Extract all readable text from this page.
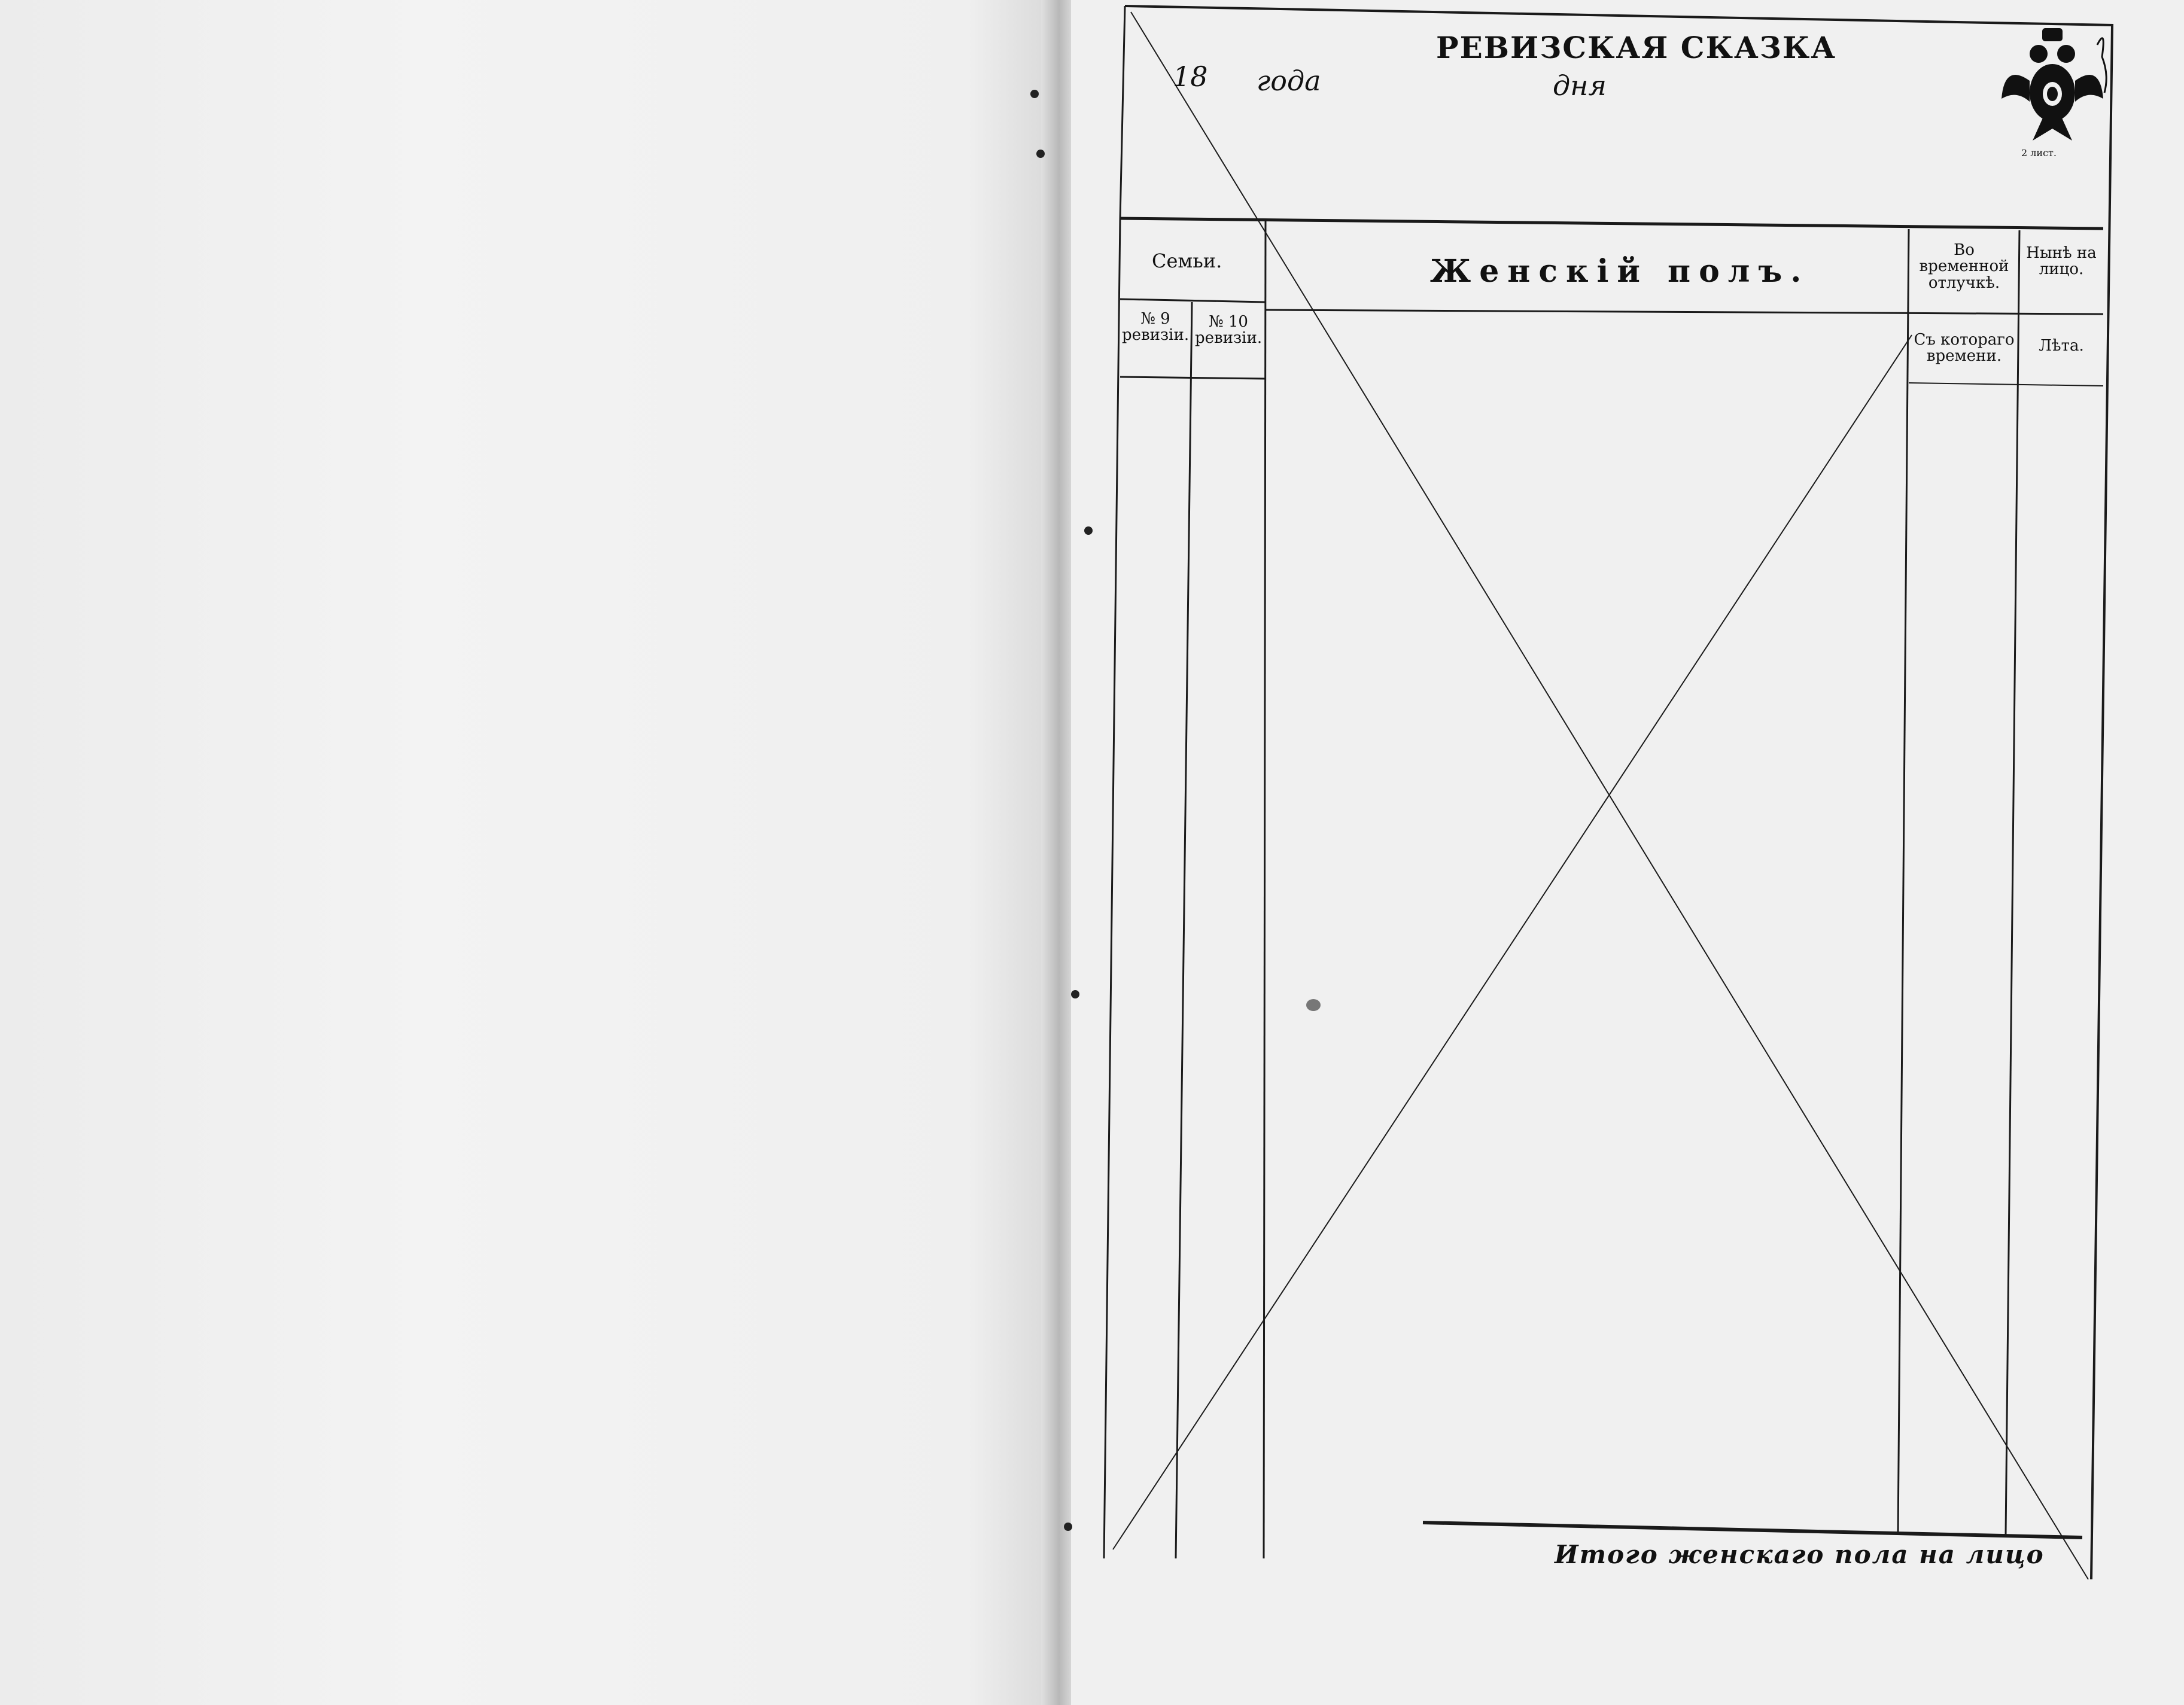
РЕВИЗСКАЯ СКАЗКА
18 года	дня
2 лист.
Семьи.
№ 9 ревизіи.
№ 10 ревизіи.
Женскій полъ.
Во временной отлучкѣ.
Съ котораго времени.
Нынѣ на лицо.
Лѣта.
Итого женскаго пола на лицо
